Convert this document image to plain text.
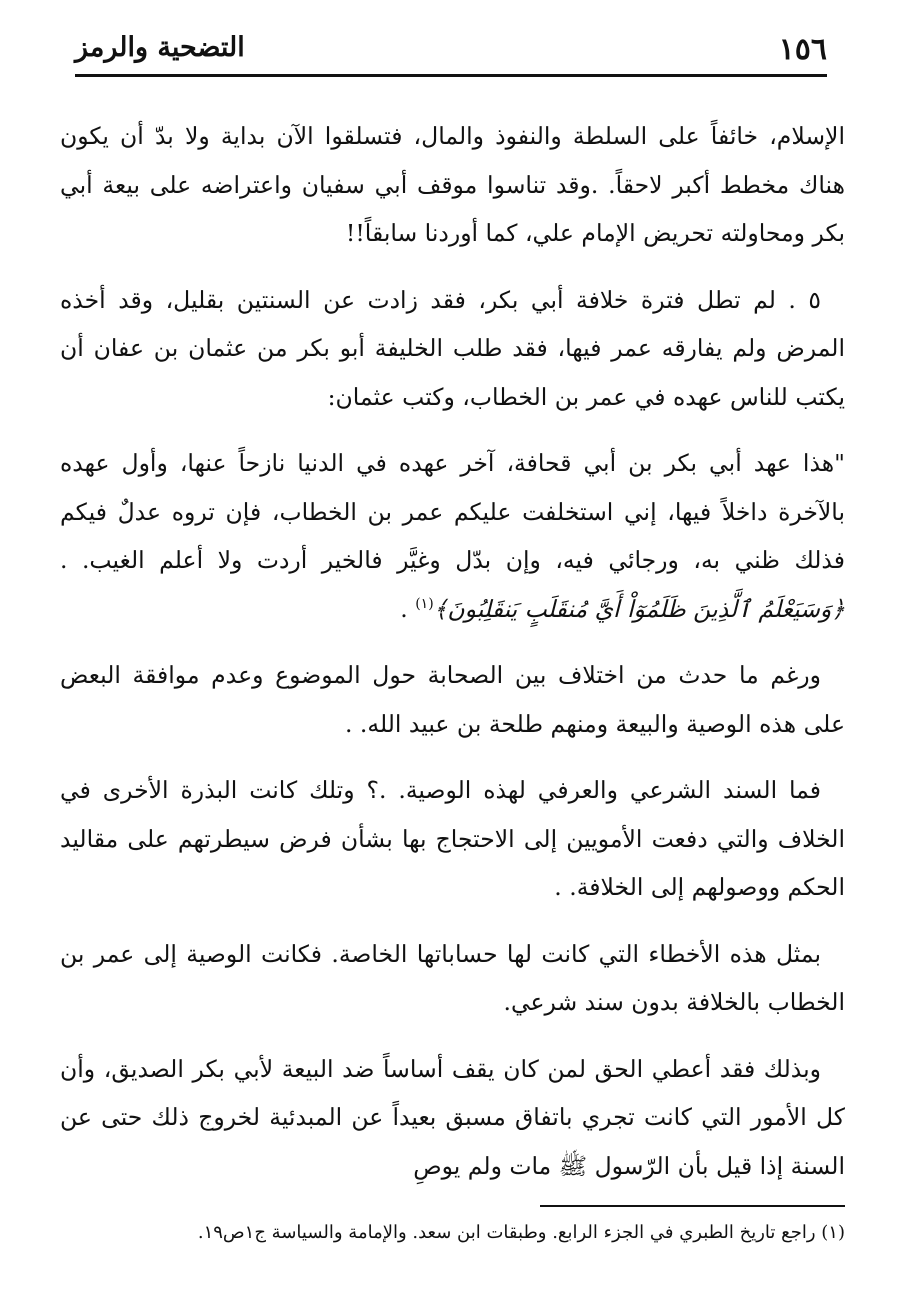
١٥٦
التضحية والرمز

الإسلام، خائفاً على السلطة والنفوذ والمال، فتسلقوا الآن بداية ولا بدّ أن يكون هناك مخطط أكبر لاحقاً. .وقد تناسوا موقف أبي سفيان واعتراضه على بيعة أبي بكر ومحاولته تحريض الإمام علي، كما أوردنا سابقاً!!

٥ . لم تطل فترة خلافة أبي بكر، فقد زادت عن السنتين بقليل، وقد أخذه المرض ولم يفارقه عمر فيها، فقد طلب الخليفة أبو بكر من عثمان بن عفان أن يكتب للناس عهده في عمر بن الخطاب، وكتب عثمان:

"هذا عهد أبي بكر بن أبي قحافة، آخر عهده في الدنيا نازحاً عنها، وأول عهده بالآخرة داخلاً فيها، إني استخلفت عليكم عمر بن الخطاب، فإن تروه عدلٌ فيكم فذلك ظني به، ورجائي فيه، وإن بدّل وغيَّر فالخير أردت ولا أعلم الغيب. . ﴿وَسَيَعْلَمُ ٱلَّذِينَ ظَلَمُوٓاْ أَيَّ مُنقَلَبٍ يَنقَلِبُونَ﴾$^{(١)}$ .

ورغم ما حدث من اختلاف بين الصحابة حول الموضوع وعدم موافقة البعض على هذه الوصية والبيعة ومنهم طلحة بن عبيد الله. .

فما السند الشرعي والعرفي لهذه الوصية. .؟ وتلك كانت البذرة الأخرى في الخلاف والتي دفعت الأمويين إلى الاحتجاج بها بشأن فرض سيطرتهم على مقاليد الحكم ووصولهم إلى الخلافة. .

بمثل هذه الأخطاء التي كانت لها حساباتها الخاصة. فكانت الوصية إلى عمر بن الخطاب بالخلافة بدون سند شرعي.

وبذلك فقد أعطي الحق لمن كان يقف أساساً ضد البيعة لأبي بكر الصديق، وأن كل الأمور التي كانت تجري باتفاق مسبق بعيداً عن المبدئية لخروج ذلك حتى عن السنة إذا قيل بأن الرّسول ﷺ مات ولم يوصِ

(١) راجع تاريخ الطبري في الجزء الرابع. وطبقات ابن سعد. والإمامة والسياسة ج١ص١٩.
